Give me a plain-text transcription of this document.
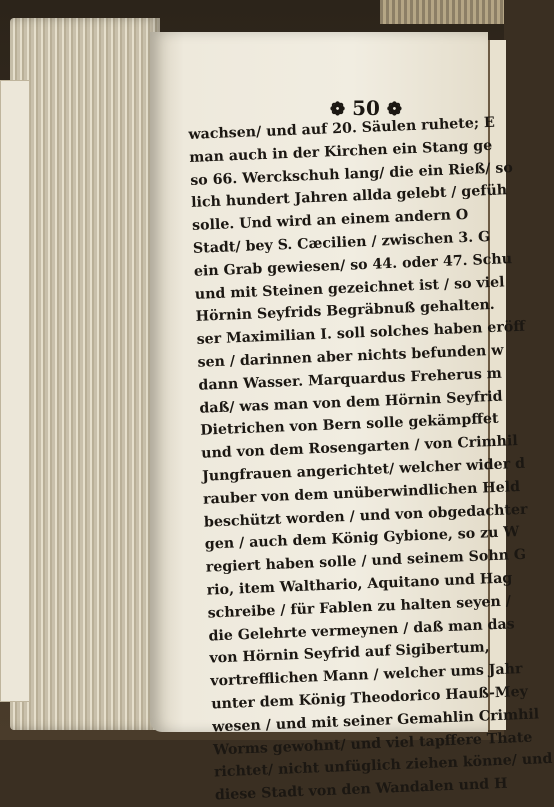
❁ 50 ❁
wachsen/ und auf 20. Säulen ruhete; E
man auch in der Kirchen ein Stang ge
so 66. Werckschuh lang/ die ein Rieß/ so
lich hundert Jahren allda gelebt / gefüh
solle. Und wird an einem andern O
Stadt/ bey S. Cæcilien / zwischen 3. G
ein Grab gewiesen/ so 44. oder 47. Schu
und mit Steinen gezeichnet ist / so viel
Hörnin Seyfrids Begräbnuß gehalten.
ser Maximilian I. soll solches haben eröff
sen / darinnen aber nichts befunden w
dann Wasser. Marquardus Freherus m
daß/ was man von dem Hörnin Seyfrid
Dietrichen von Bern solle gekämpffet
und von dem Rosengarten / von Crimhil
Jungfrauen angerichtet/ welcher wider d
rauber von dem unüberwindlichen Held
beschützt worden / und von obgedachter
gen / auch dem König Gybione, so zu W
regiert haben solle / und seinem Sohn G
rio, item Walthario, Aquitano und Hag
schreibe / für Fablen zu halten seyen /
die Gelehrte vermeynen / daß man das
von Hörnin Seyfrid auf Sigibertum,
vortrefflichen Mann / welcher ums Jahr
unter dem König Theodorico Hauß-Mey
wesen / und mit seiner Gemahlin Crimhil
Worms gewohnt/ und viel tapffere Thate
richtet/ nicht unfüglich ziehen könne/ und
diese Stadt von den Wandalen und H
